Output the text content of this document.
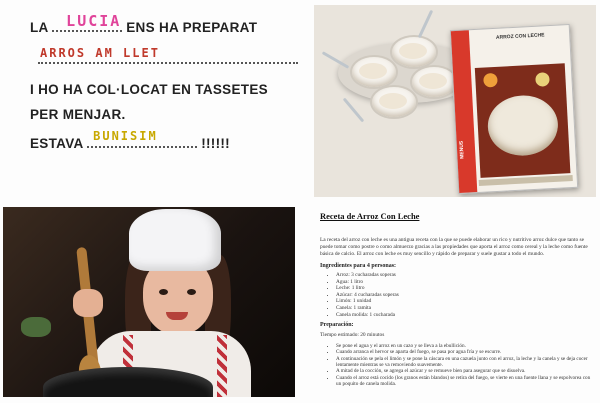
LA LUCIA ENS HA PREPARAT
ARROS AM LLET
I HO HA COL·LOCAT EN TASSETES
PER MENJAR.
ESTAVA BUNISIM	!!!!!!	MENUS
ARROZ CON LECHE
Receta de Arroz Con Leche
La receta del arroz con leche es una antigua receta con la que se puede elaborar un rico y nutritivo arroz dulce que tanto se puede tomar como postre o como almuerzo gracias a las propiedades que aporta el arroz como cereal y la leche como fuente básica de calcio. El arroz con leche es muy sencillo y rápido de preparar y suele gustar a todo el mundo.
Ingredientes para 4 personas:
• Arroz: 3 cucharadas soperas
• Agua: 1 litro
• Leche: 1 litro
• Azúcar: 4 cucharadas soperas
• Limón: 1 unidad
• Canela: 1 ramita
• Canela molida: 1 cucharada
Preparación:
Tiempo estimado: 20 minutos
• Se pone el agua y el arroz en un cazo y se lleva a la ebullición.
• Cuando arranca el hervor se aparta del fuego, se pasa por agua fría y se escurre.
• A continuación se pela el limón y se pone la cáscara en una cazuela junto con el arroz, la leche y la canela y se deja cocer lentamente mientras se va removiendo suavemente.
• A mitad de la cocción, se agrega el azúcar y se remueve bien para asegurar que se disuelva.
• Cuando el arroz está cocido (los granos están blandos) se retira del fuego, se vierte en una fuente llana y se espolvorea con un poquito de canela molida.
